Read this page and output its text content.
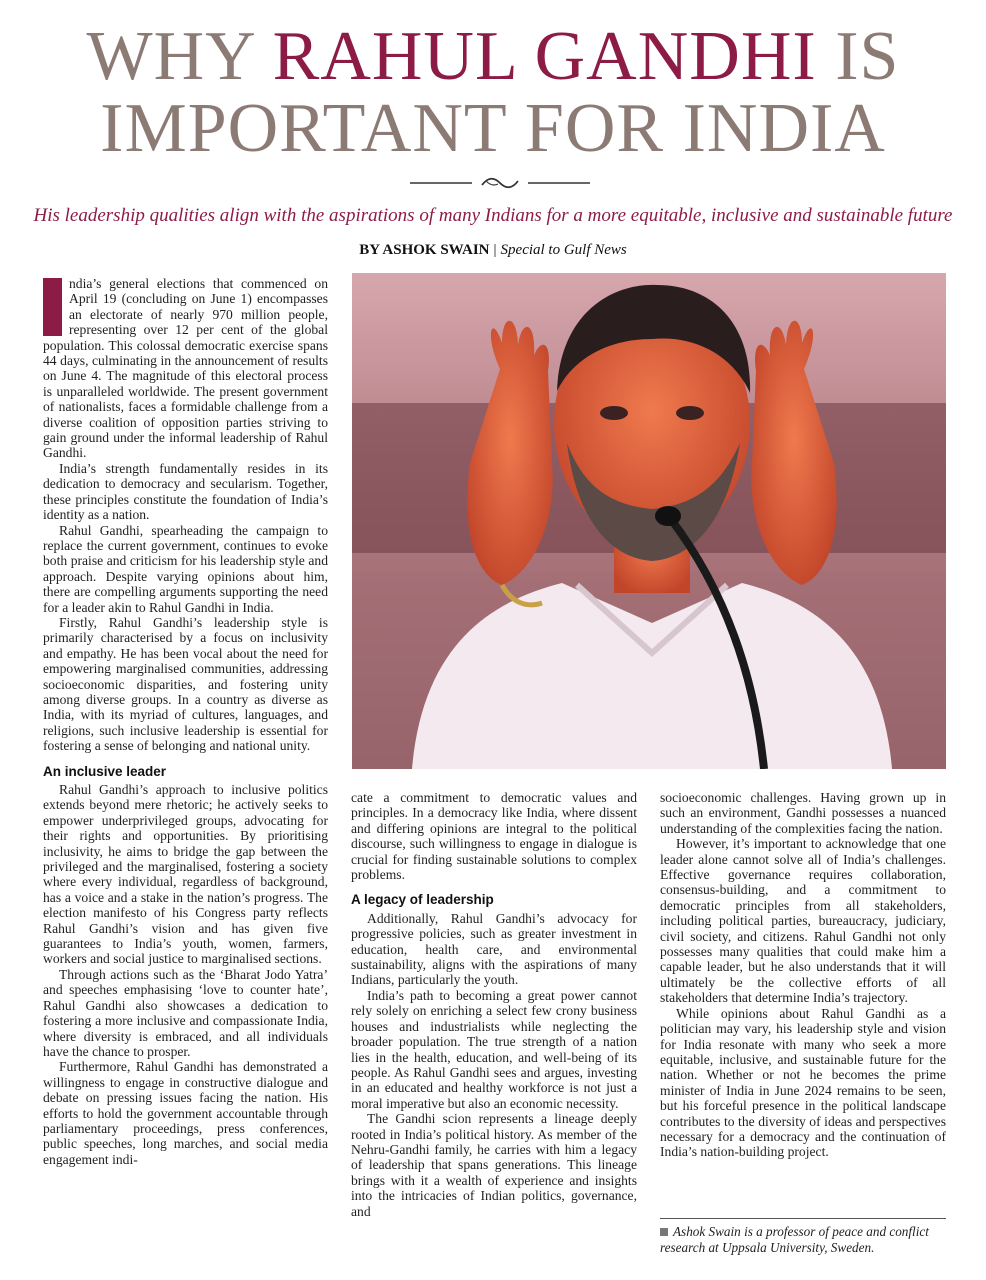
WHY RAHUL GANDHI IS
IMPORTANT FOR INDIA
His leadership qualities align with the aspirations of many Indians for a more equitable, inclusive and sustainable future
BY ASHOK SWAIN | Special to Gulf News

ndia’s general elections that commenced on April 19 (concluding on June 1) encompasses an electorate of nearly 970 million people, representing over 12 per cent of the global population. This colossal democratic exercise spans 44 days, culminating in the announcement of results on June 4. The magnitude of this electoral process is unparalleled worldwide. The present government of nationalists, faces a formidable challenge from a diverse coalition of opposition parties striving to gain ground under the informal leadership of Rahul Gandhi.

India’s strength fundamentally resides in its dedication to democracy and secularism. Together, these principles constitute the foundation of India’s identity as a nation.

Rahul Gandhi, spearheading the campaign to replace the current government, continues to evoke both praise and criticism for his leadership style and approach. Despite varying opinions about him, there are compelling arguments supporting the need for a leader akin to Rahul Gandhi in India.

Firstly, Rahul Gandhi’s leadership style is primarily characterised by a focus on inclusivity and empathy. He has been vocal about the need for empowering marginalised communities, addressing socioeconomic disparities, and fostering unity among diverse groups. In a country as diverse as India, with its myriad of cultures, languages, and religions, such inclusive leadership is essential for fostering a sense of belonging and national unity.

An inclusive leader

Rahul Gandhi’s approach to inclusive politics extends beyond mere rhetoric; he actively seeks to empower underprivileged groups, advocating for their rights and opportunities. By prioritising inclusivity, he aims to bridge the gap between the privileged and the marginalised, fostering a society where every individual, regardless of background, has a voice and a stake in the nation’s progress. The election manifesto of his Congress party reflects Rahul Gandhi’s vision and has given five guarantees to India’s youth, women, farmers, workers and social justice to marginalised sections.

Through actions such as the ‘Bharat Jodo Yatra’ and speeches emphasising ‘love to counter hate’, Rahul Gandhi also showcases a dedication to fostering a more inclusive and compassionate India, where diversity is embraced, and all individuals have the chance to prosper.

Furthermore, Rahul Gandhi has demonstrated a willingness to engage in constructive dialogue and debate on pressing issues facing the nation. His efforts to hold the government accountable through parliamentary proceedings, press conferences, public speeches, long marches, and social media engagement indi-

cate a commitment to democratic values and principles. In a democracy like India, where dissent and differing opinions are integral to the political discourse, such willingness to engage in dialogue is crucial for finding sustainable solutions to complex problems.

A legacy of leadership

Additionally, Rahul Gandhi’s advocacy for progressive policies, such as greater investment in education, health care, and environmental sustainability, aligns with the aspirations of many Indians, particularly the youth.

India’s path to becoming a great power cannot rely solely on enriching a select few crony business houses and industrialists while neglecting the broader population. The true strength of a nation lies in the health, education, and well-being of its people. As Rahul Gandhi sees and argues, investing in an educated and healthy workforce is not just a moral imperative but also an economic necessity.

The Gandhi scion represents a lineage deeply rooted in India’s political history. As member of the Nehru-Gandhi family, he carries with him a legacy of leadership that spans generations. This lineage brings with it a wealth of experience and insights into the intricacies of Indian politics, governance, and

socioeconomic challenges. Having grown up in such an environment, Gandhi possesses a nuanced understanding of the complexities facing the nation.

However, it’s important to acknowledge that one leader alone cannot solve all of India’s challenges. Effective governance requires collaboration, consensus-building, and a commitment to democratic principles from all stakeholders, including political parties, bureaucracy, judiciary, civil society, and citizens. Rahul Gandhi not only possesses many qualities that could make him a capable leader, but he also understands that it will ultimately be the collective efforts of all stakeholders that determine India’s trajectory.

While opinions about Rahul Gandhi as a politician may vary, his leadership style and vision for India resonate with many who seek a more equitable, inclusive, and sustainable future for the nation. Whether or not he becomes the prime minister of India in June 2024 remains to be seen, but his forceful presence in the political landscape contributes to the diversity of ideas and perspectives necessary for a democracy and the continuation of India’s nation-building project.

Ashok Swain is a professor of peace and conflict research at Uppsala University, Sweden.
